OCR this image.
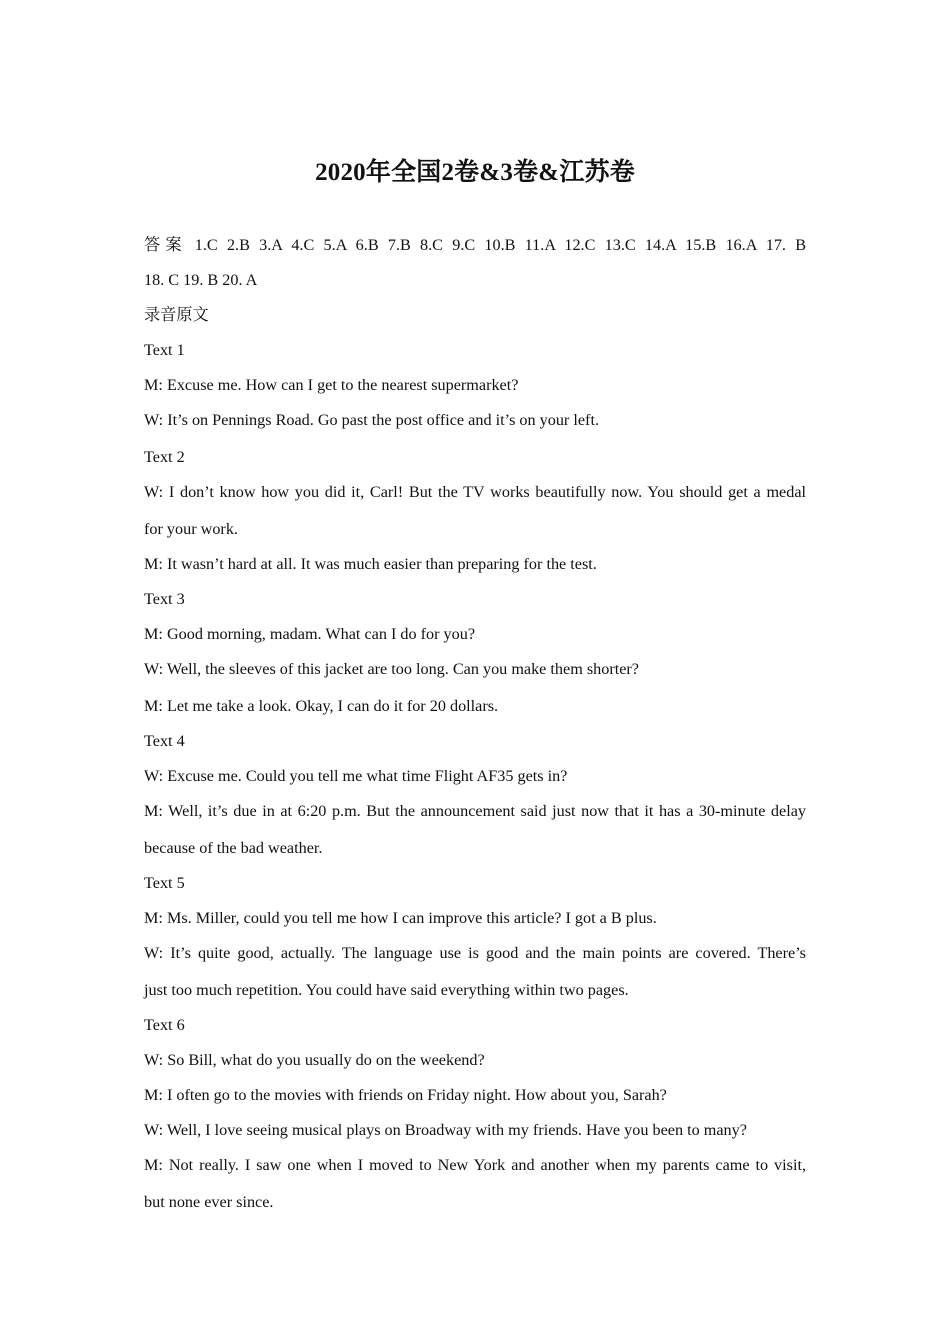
2020年全国2卷&3卷&江苏卷
答案 1.C 2.B 3.A 4.C 5.A 6.B 7.B 8.C 9.C 10.B 11.A 12.C 13.C 14.A 15.B 16.A 17. B
18. C 19. B 20. A
录音原文
Text 1
M: Excuse me. How can I get to the nearest supermarket?
W: It’s on Pennings Road. Go past the post office and it’s on your left.
Text 2
W: I don’t know how you did it, Carl! But the TV works beautifully now. You should get a medal
for your work.
M: It wasn’t hard at all. It was much easier than preparing for the test.
Text 3
M: Good morning, madam. What can I do for you?
W: Well, the sleeves of this jacket are too long. Can you make them shorter?
M: Let me take a look. Okay, I can do it for 20 dollars.
Text 4
W: Excuse me. Could you tell me what time Flight AF35 gets in?
M: Well, it’s due in at 6:20 p.m. But the announcement said just now that it has a 30-minute delay
because of the bad weather.
Text 5
M: Ms. Miller, could you tell me how I can improve this article? I got a B plus.
W: It’s quite good, actually. The language use is good and the main points are covered. There’s
just too much repetition. You could have said everything within two pages.
Text 6
W: So Bill, what do you usually do on the weekend?
M: I often go to the movies with friends on Friday night. How about you, Sarah?
W: Well, I love seeing musical plays on Broadway with my friends. Have you been to many?
M: Not really. I saw one when I moved to New York and another when my parents came to visit,
but none ever since.
